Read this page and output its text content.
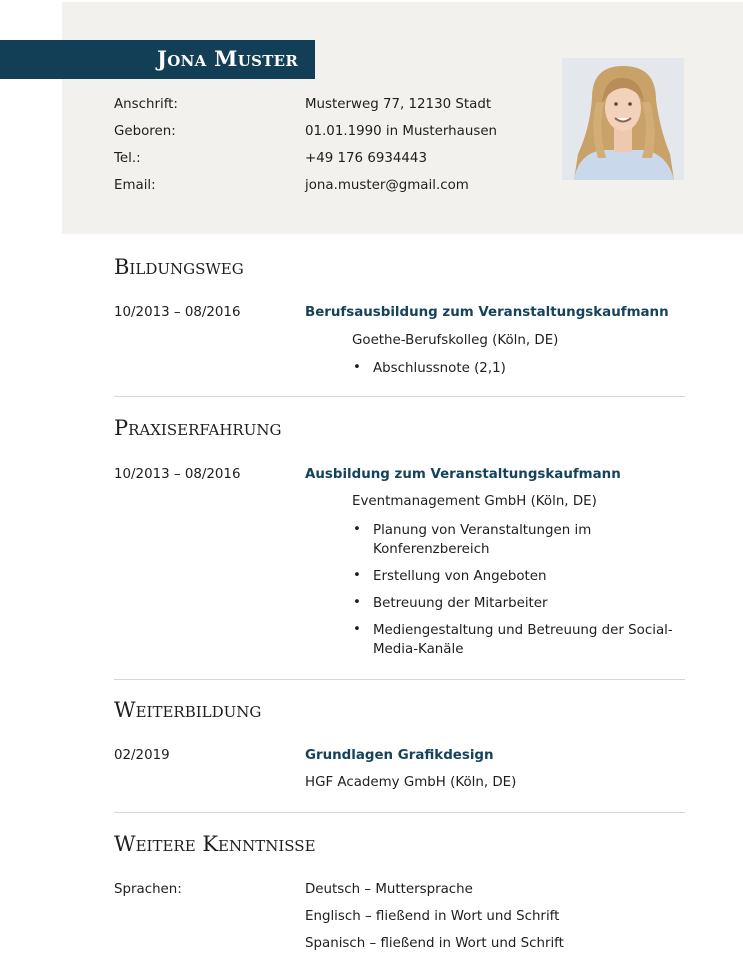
Jona Muster
Anschrift:	Musterweg 77, 12130 Stadt
Geboren:	01.01.1990 in Musterhausen
Tel.:	+49 176 6934443
Email:	jona.muster@gmail.com
Bildungsweg
10/2013 – 08/2016	Berufsausbildung zum Veranstaltungskaufmann
Goethe-Berufskolleg (Köln, DE)
• Abschlussnote (2,1)
Praxiserfahrung
10/2013 – 08/2016	Ausbildung zum Veranstaltungskaufmann
Eventmanagement GmbH (Köln, DE)
• Planung von Veranstaltungen im Konferenzbereich
• Erstellung von Angeboten
• Betreuung der Mitarbeiter
• Mediengestaltung und Betreuung der Social-Media-Kanäle
Weiterbildung
02/2019	Grundlagen Grafikdesign
HGF Academy GmbH (Köln, DE)
Weitere Kenntnisse
Sprachen:	Deutsch – Muttersprache
Englisch – fließend in Wort und Schrift
Spanisch – fließend in Wort und Schrift
